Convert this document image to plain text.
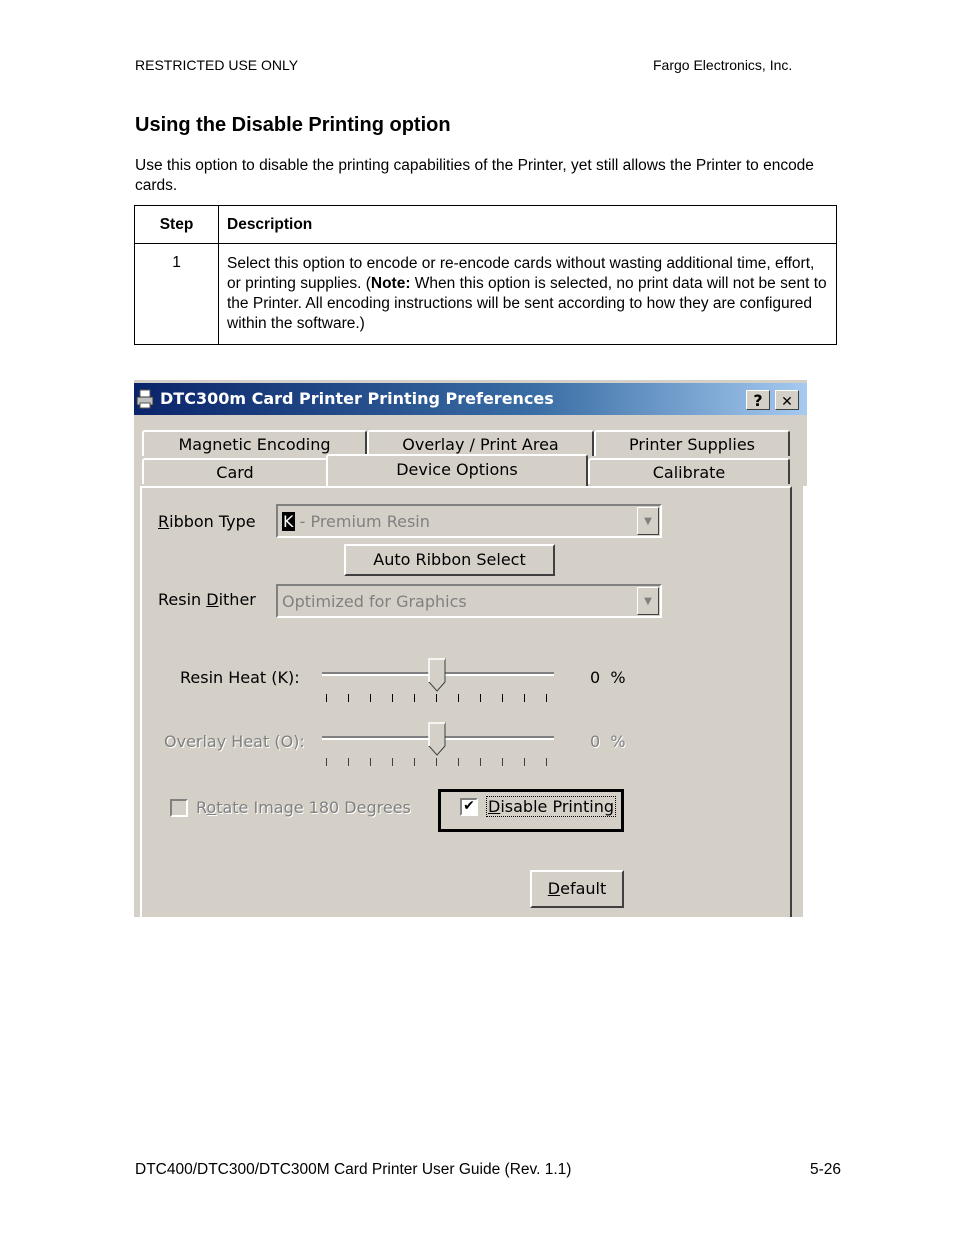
RESTRICTED USE ONLY	Fargo Electronics, Inc.
Using the Disable Printing option
Use this option to disable the printing capabilities of the Printer, yet still allows the Printer to encode cards.
Step	Description
1	Select this option to encode or re-encode cards without wasting additional time, effort, or printing supplies. (Note: When this option is selected, no print data will not be sent to the Printer. All encoding instructions will be sent according to how they are configured within the software.)
DTC300m Card Printer Printing Preferences	?	✕
Magnetic Encoding	Overlay / Print Area	Printer Supplies
Card	Device Options	Calibrate
Ribbon Type K - Premium Resin	▼
Auto Ribbon Select
Resin Dither Optimized for Graphics	▼
Resin Heat (K):	0 %
Overlay Heat (O):	0 %
Rotate Image 180 Degrees	✔ Disable Printing
Default
DTC400/DTC300/DTC300M Card Printer User Guide (Rev. 1.1)	5-26
